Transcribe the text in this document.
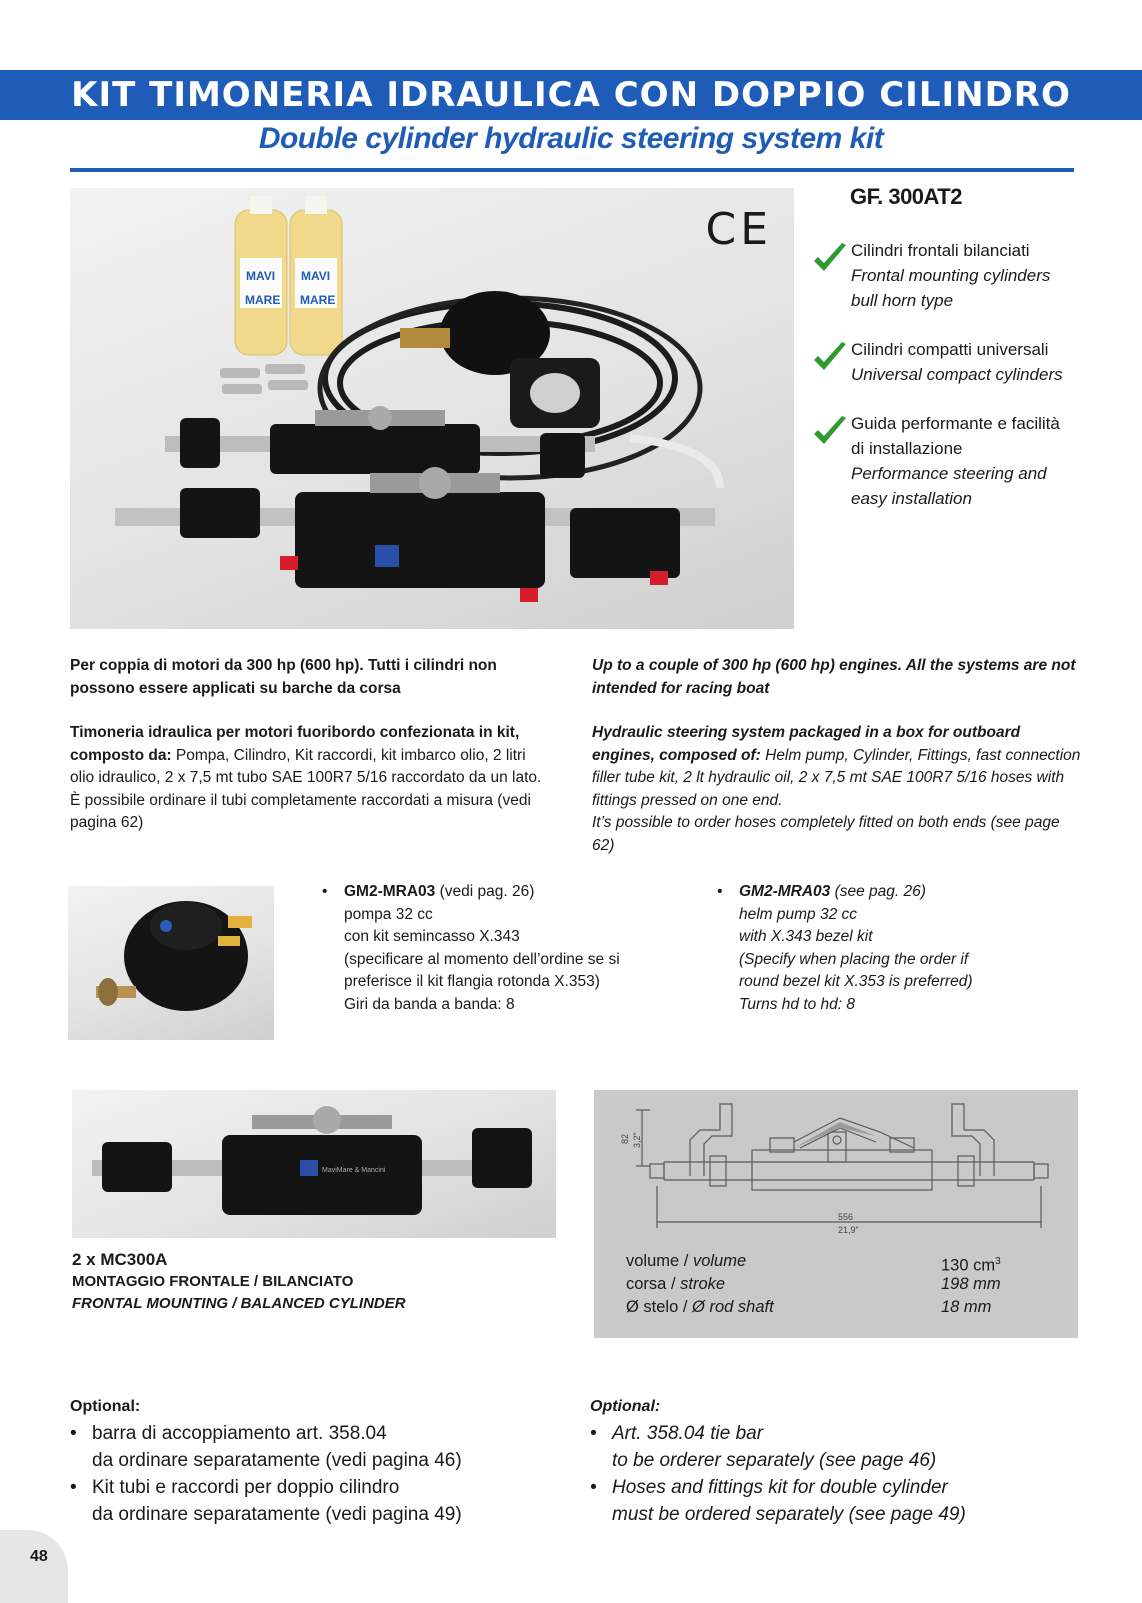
KIT TIMONERIA IDRAULICA CON DOPPIO CILINDRO
Double cylinder hydraulic steering system kit
MAVI
MARE
MAVI
MARE
CE
GF. 300AT2
Cilindri frontali bilanciati
Frontal mounting cylinders bull horn type
Cilindri compatti universali
Universal compact cylinders
Guida performante e facilità di installazione
Performance steering and easy installation
Per coppia di motori da 300 hp (600 hp). Tutti i cilindri non possono essere applicati su barche da corsa
Up to a couple of 300 hp (600 hp) engines. All the systems are not intended for racing boat
Timoneria idraulica per motori fuoribordo confezionata in kit, composto da: Pompa, Cilindro, Kit raccordi, kit imbarco olio, 2 litri olio idraulico, 2 x 7,5 mt tubo SAE 100R7 5/16 raccordato da un lato.
È possibile ordinare il tubi completamente raccordati a misura (vedi pagina 62)
Hydraulic steering system packaged in a box for outboard engines, composed of: Helm pump, Cylinder, Fittings, fast connection filler tube kit, 2 lt hydraulic oil, 2 x 7,5 mt SAE 100R7 5/16 hoses with fittings pressed on one end.
It’s possible to order hoses completely fitted on both ends (see page 62)
• GM2-MRA03 (vedi pag. 26)
pompa 32 cc
con kit semincasso X.343
(specificare al momento dell’ordine se si
preferisce il kit flangia rotonda X.353)
Giri da banda a banda: 8
• GM2-MRA03 (see pag. 26)
helm pump 32 cc
with X.343 bezel kit
(Specify when placing the order if
round bezel kit X.353 is preferred)
Turns hd to hd: 8
MaviMare & Mancini
2 x MC300A
MONTAGGIO FRONTALE / BILANCIATO
FRONTAL MOUNTING / BALANCED CYLINDER
82 3,2"
556
21,9"
volume / volume	130 $cm^3$
corsa / stroke	198 mm
Ø stelo / Ø rod shaft	18 mm
Optional:
• barra di accoppiamento art. 358.04
da ordinare separatamente (vedi pagina 46)
• Kit tubi e raccordi per doppio cilindro
da ordinare separatamente (vedi pagina 49)
Optional:
• Art. 358.04 tie bar
to be orderer separately (see page 46)
• Hoses and fittings kit for double cylinder
must be ordered separately (see page 49)
48
